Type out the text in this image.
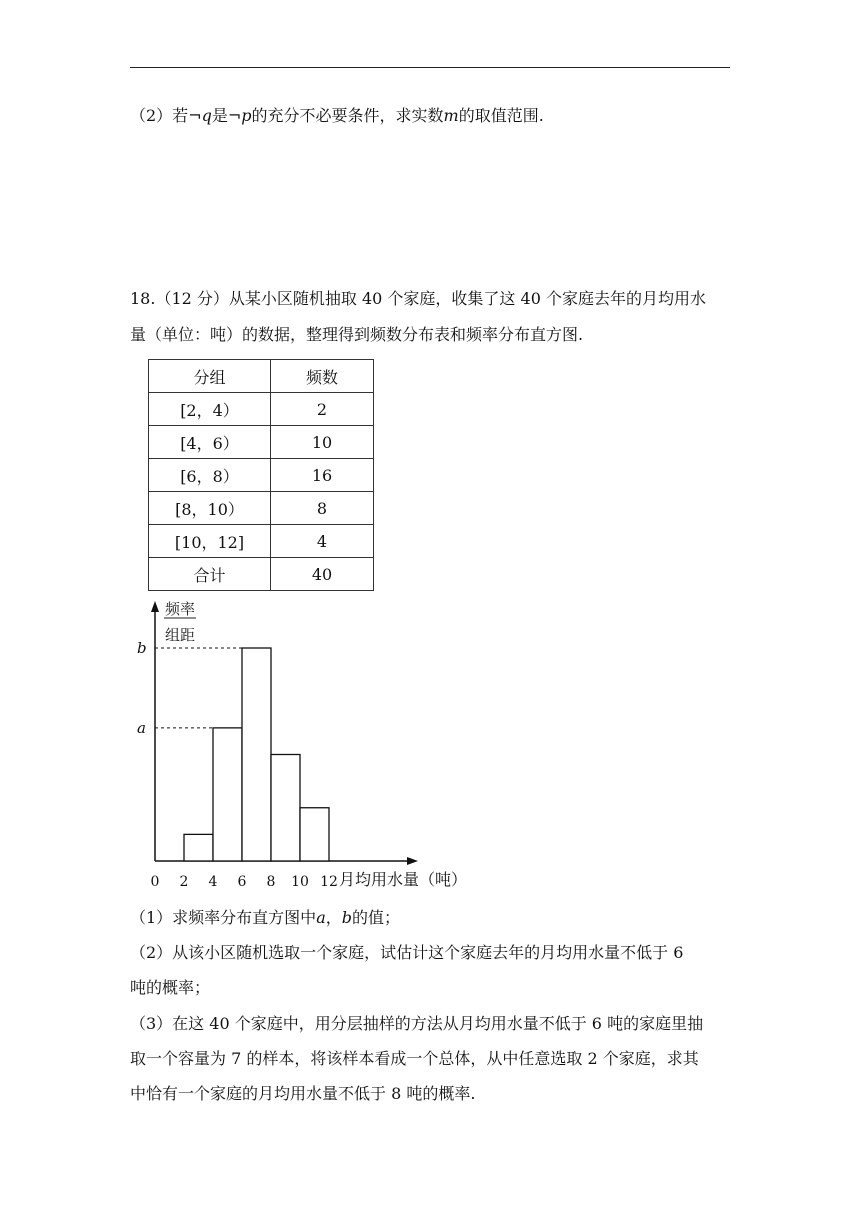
（2）若¬q是¬p的充分不必要条件，求实数m的取值范围.
18.（12 分）从某小区随机抽取 40 个家庭，收集了这 40 个家庭去年的月均用水
量（单位：吨）的数据，整理得到频数分布表和频率分布直方图.
分组	频数
[2，4）	2
[4，6）	10
[6，8）	16
[8，10）	8
[10，12]	4
合计	40
频率
组距
a
b
0 2 4 6 8 10 12 月均用水量（吨）
（1）求频率分布直方图中a，b的值；
（2）从该小区随机选取一个家庭，试估计这个家庭去年的月均用水量不低于 6
吨的概率；
（3）在这 40 个家庭中，用分层抽样的方法从月均用水量不低于 6 吨的家庭里抽
取一个容量为 7 的样本，将该样本看成一个总体，从中任意选取 2 个家庭，求其
中恰有一个家庭的月均用水量不低于 8 吨的概率.
